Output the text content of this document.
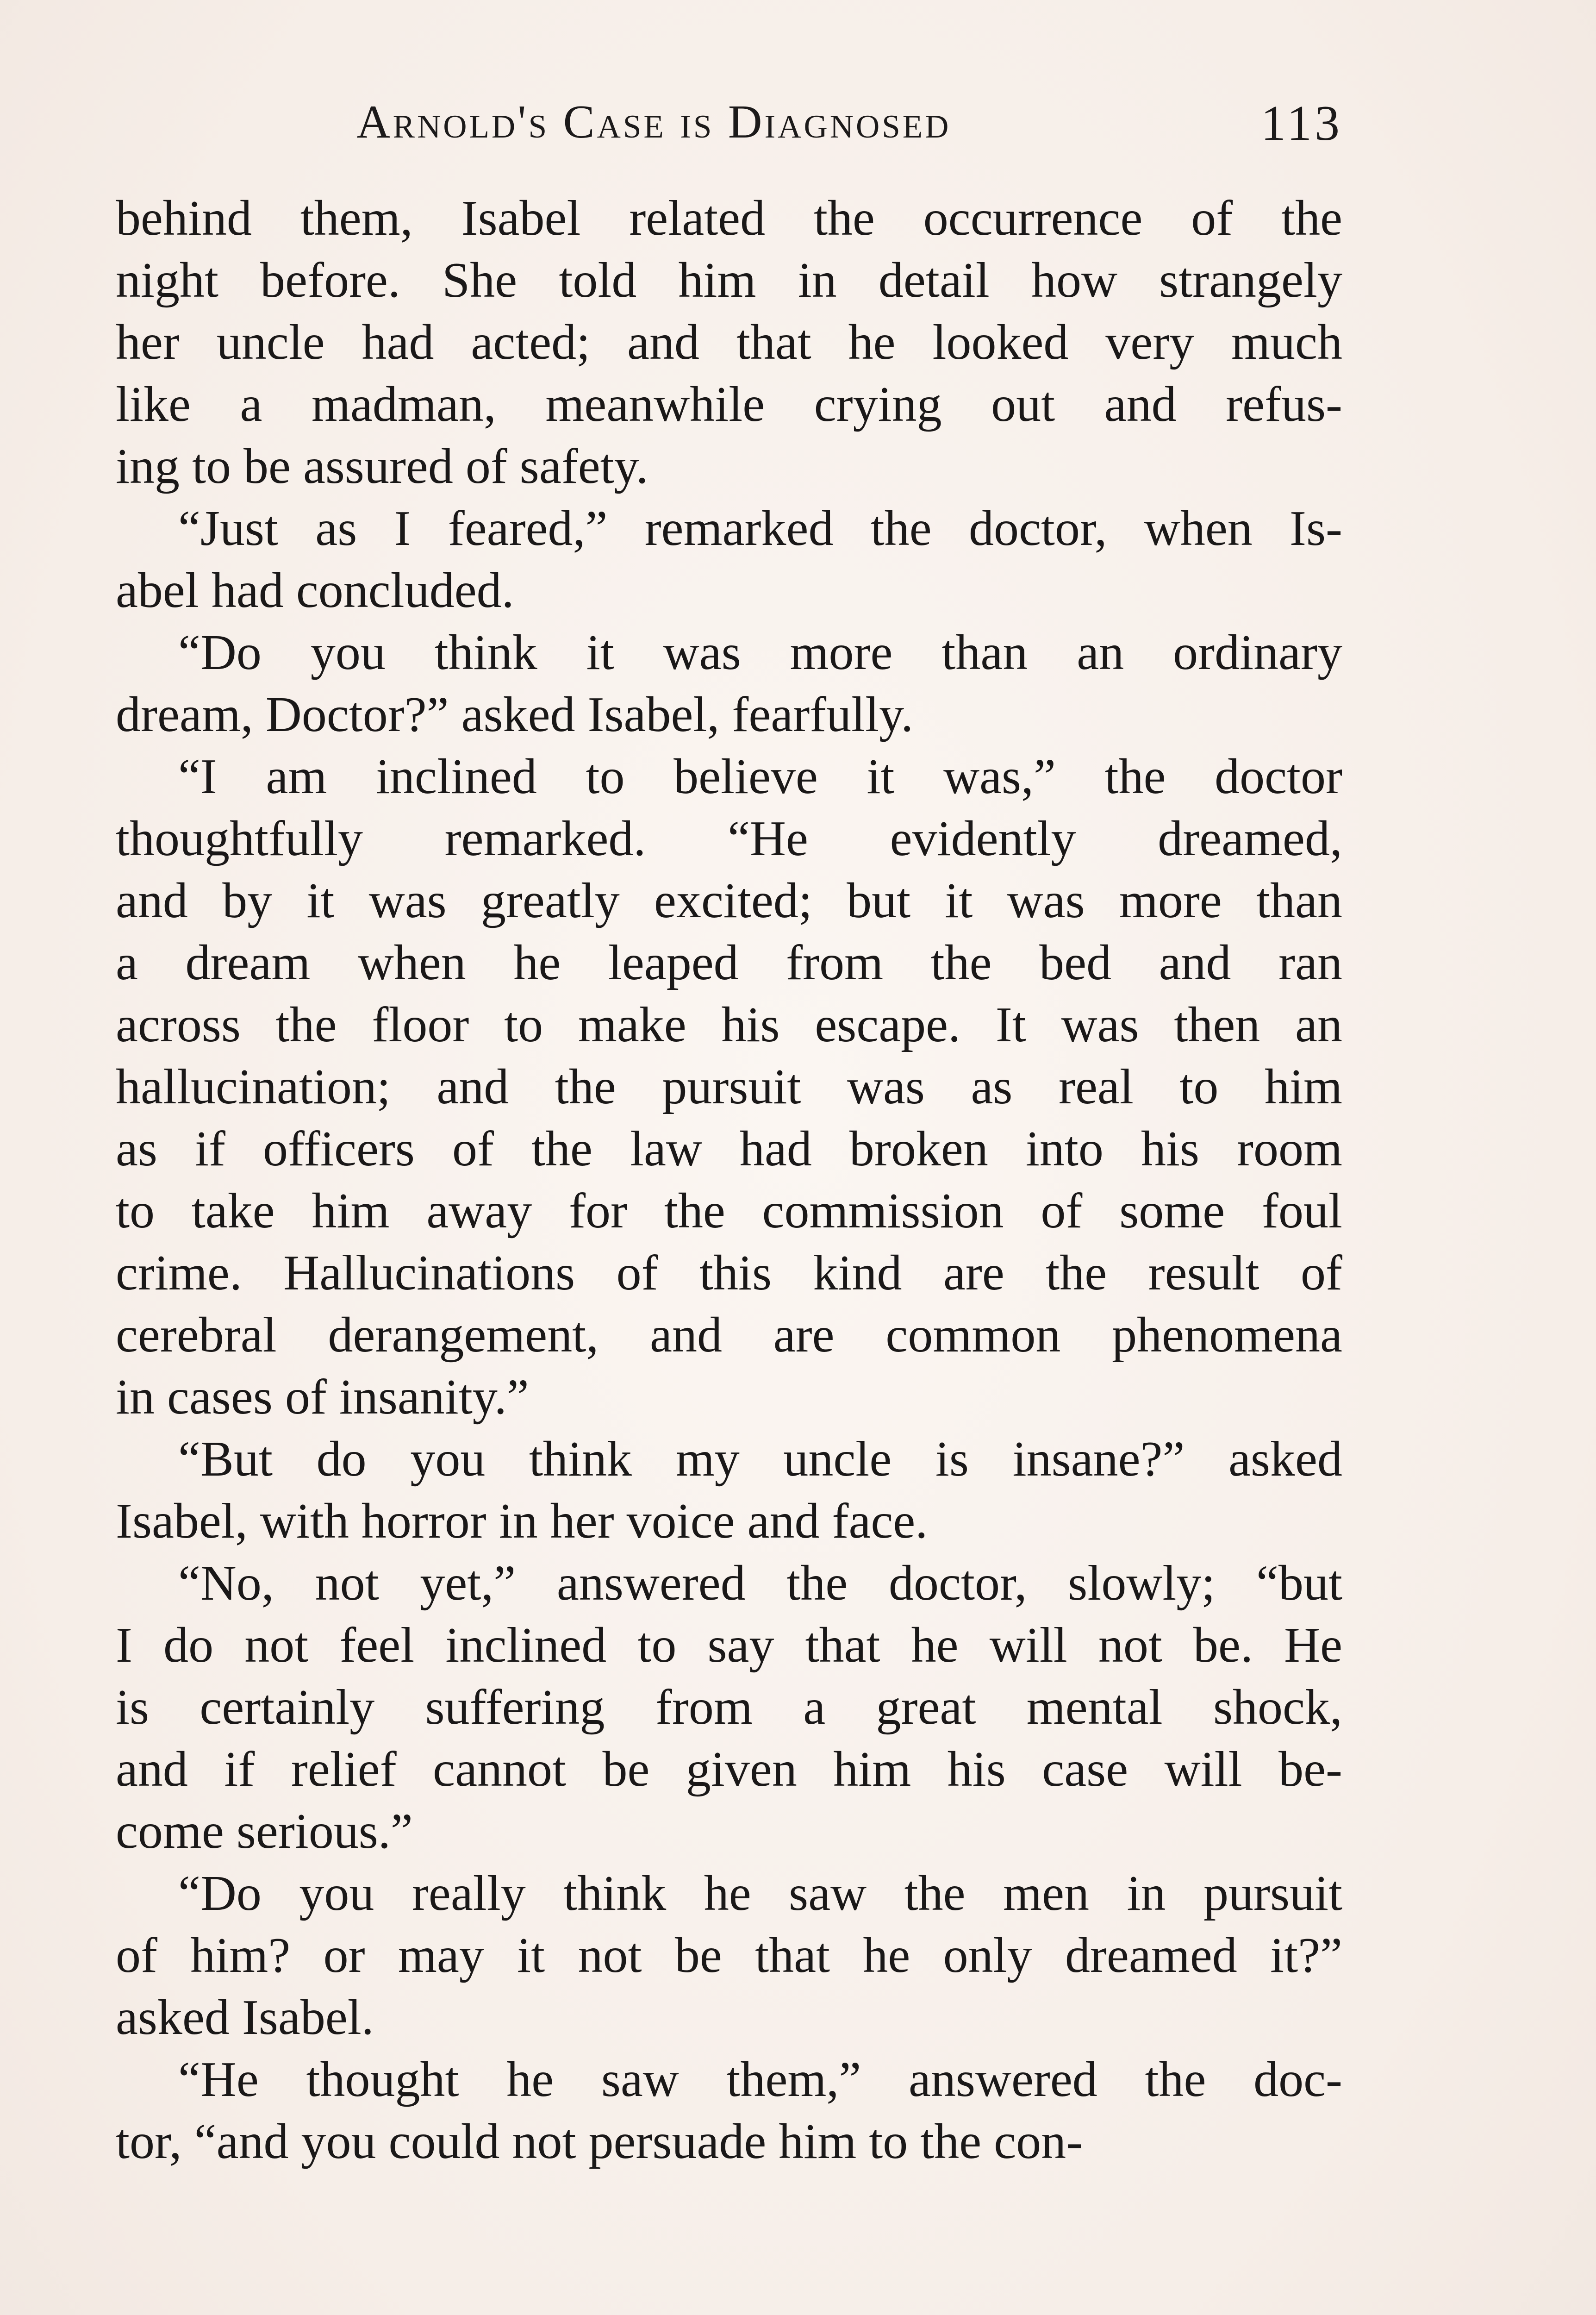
Arnold's Case is Diagnosed	113
behind them, Isabel related the occurrence of the
night before. She told him in detail how strangely
her uncle had acted; and that he looked very much
like a madman, meanwhile crying out and refus-
ing to be assured of safety.
“Just as I feared,” remarked the doctor, when Is-
abel had concluded.
“Do you think it was more than an ordinary
dream, Doctor?” asked Isabel, fearfully.
“I am inclined to believe it was,” the doctor
thoughtfully remarked. “He evidently dreamed,
and by it was greatly excited; but it was more than
a dream when he leaped from the bed and ran
across the floor to make his escape. It was then an
hallucination; and the pursuit was as real to him
as if officers of the law had broken into his room
to take him away for the commission of some foul
crime. Hallucinations of this kind are the result of
cerebral derangement, and are common phenomena
in cases of insanity.”
“But do you think my uncle is insane?” asked
Isabel, with horror in her voice and face.
“No, not yet,” answered the doctor, slowly; “but
I do not feel inclined to say that he will not be. He
is certainly suffering from a great mental shock,
and if relief cannot be given him his case will be-
come serious.”
“Do you really think he saw the men in pursuit
of him? or may it not be that he only dreamed it?”
asked Isabel.
“He thought he saw them,” answered the doc-
tor, “and you could not persuade him to the con-
